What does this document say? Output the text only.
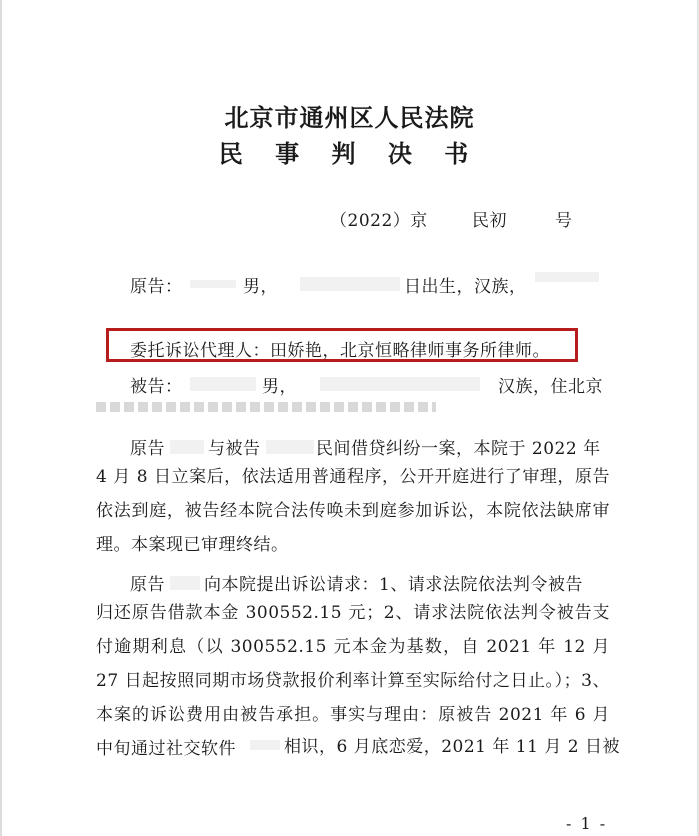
北京市通州区人民法院
民 事 判 决 书
（2022）京	民初	号
原告：	男，	日出生，汉族，
委托诉讼代理人：田娇艳，北京恒略律师事务所律师。
被告：	男，	汉族，住北京
原告	与被告	民间借贷纠纷一案，本院于 2022 年
4 月 8 日立案后，依法适用普通程序，公开开庭进行了审理，原告依法到庭，被告经本院合法传唤未到庭参加诉讼，本院依法缺席审理。本案现已审理终结。
原告 向本院提出诉讼请求：1、请求法院依法判令被告
归还原告借款本金 300552.15 元；2、请求法院依法判令被告支付逾期利息（以 300552.15 元本金为基数，自 2021 年 12 月 27 日起按照同期市场贷款报价利率计算至实际给付之日止。）；3、本案的诉讼费用由被告承担。事实与理由：原被告 2021 年 6 月中旬通过社交软件	相识，6 月底恋爱，2021 年 11 月 2 日被
- 1 -
